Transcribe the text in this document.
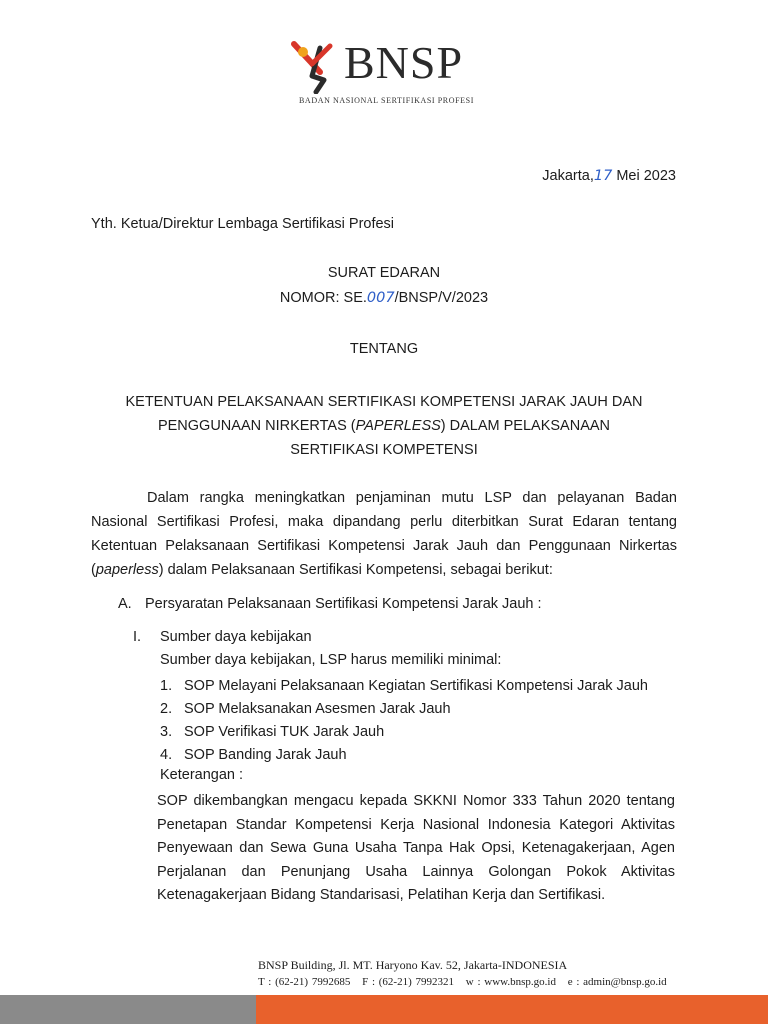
BNSP
BADAN NASIONAL SERTIFIKASI PROFESI
Jakarta,17 Mei 2023
Yth. Ketua/Direktur Lembaga Sertifikasi Profesi
SURAT EDARAN
NOMOR: SE.007/BNSP/V/2023
TENTANG
KETENTUAN PELAKSANAAN SERTIFIKASI KOMPETENSI JARAK JAUH DAN
PENGGUNAAN NIRKERTAS (PAPERLESS) DALAM PELAKSANAAN
SERTIFIKASI KOMPETENSI
Dalam rangka meningkatkan penjaminan mutu LSP dan pelayanan Badan Nasional Sertifikasi Profesi, maka dipandang perlu diterbitkan Surat Edaran tentang Ketentuan Pelaksanaan Sertifikasi Kompetensi Jarak Jauh dan Penggunaan Nirkertas (paperless) dalam Pelaksanaan Sertifikasi Kompetensi, sebagai berikut:
A. Persyaratan Pelaksanaan Sertifikasi Kompetensi Jarak Jauh :
I. Sumber daya kebijakan
Sumber daya kebijakan, LSP harus memiliki minimal:
1. SOP Melayani Pelaksanaan Kegiatan Sertifikasi Kompetensi Jarak Jauh
2. SOP Melaksanakan Asesmen Jarak Jauh
3. SOP Verifikasi TUK Jarak Jauh
4. SOP Banding Jarak Jauh
Keterangan :
SOP dikembangkan mengacu kepada SKKNI Nomor 333 Tahun 2020 tentang Penetapan Standar Kompetensi Kerja Nasional Indonesia Kategori Aktivitas Penyewaan dan Sewa Guna Usaha Tanpa Hak Opsi, Ketenagakerjaan, Agen Perjalanan dan Penunjang Usaha Lainnya Golongan Pokok Aktivitas Ketenagakerjaan Bidang Standarisasi, Pelatihan Kerja dan Sertifikasi.
BNSP Building, Jl. MT. Haryono Kav. 52, Jakarta-INDONESIA
T : (62-21) 7992685 F : (62-21) 7992321 w : www.bnsp.go.id e : admin@bnsp.go.id
